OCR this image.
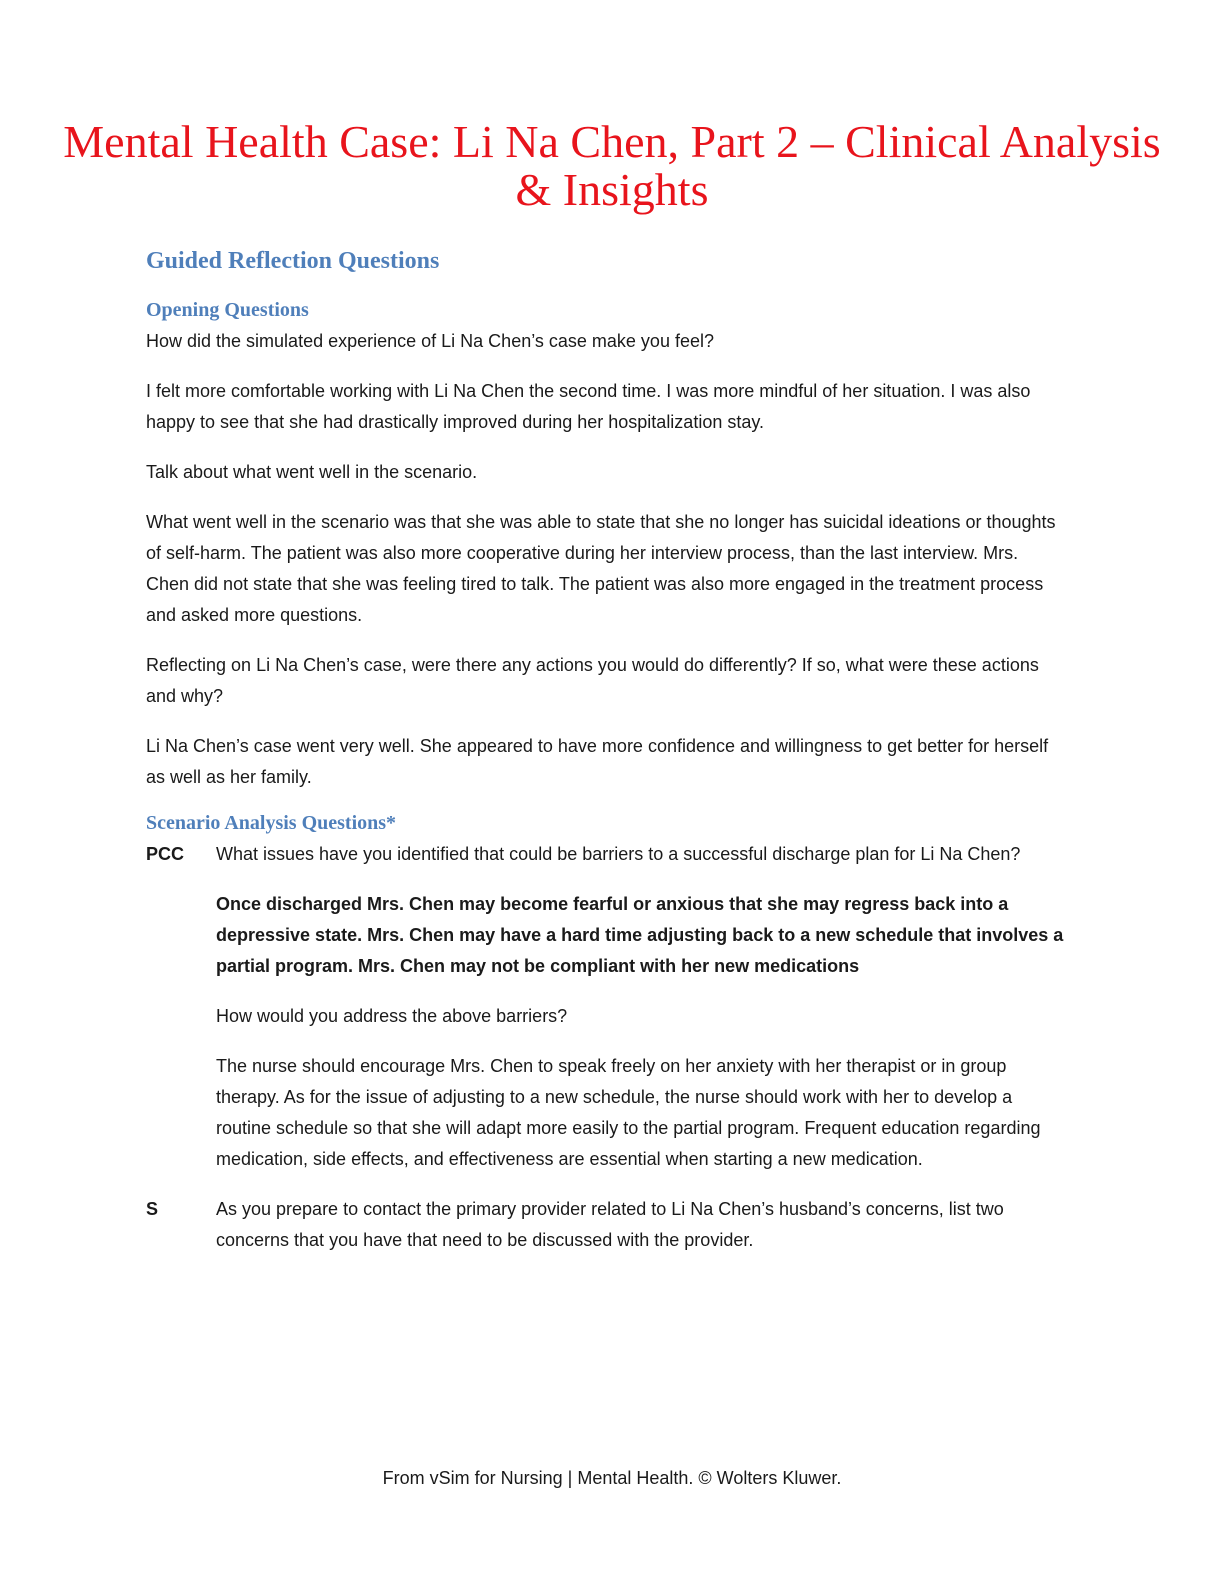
Mental Health Case: Li Na Chen, Part 2 – Clinical Analysis & Insights
Guided Reflection Questions
Opening Questions

How did the simulated experience of Li Na Chen’s case make you feel?

I felt more comfortable working with Li Na Chen the second time. I was more mindful of her situation. I was also happy to see that she had drastically improved during her hospitalization stay.

Talk about what went well in the scenario.

What went well in the scenario was that she was able to state that she no longer has suicidal ideations or thoughts of self-harm. The patient was also more cooperative during her interview process, than the last interview. Mrs. Chen did not state that she was feeling tired to talk. The patient was also more engaged in the treatment process and asked more questions.

Reflecting on Li Na Chen’s case, were there any actions you would do differently? If so, what were these actions and why?

Li Na Chen’s case went very well. She appeared to have more confidence and willingness to get better for herself as well as her family.

Scenario Analysis Questions*
PCC	What issues have you identified that could be barriers to a successful discharge plan for Li Na Chen?

Once discharged Mrs. Chen may become fearful or anxious that she may regress back into a depressive state. Mrs. Chen may have a hard time adjusting back to a new schedule that involves a partial program. Mrs. Chen may not be compliant with her new medications

How would you address the above barriers?

The nurse should encourage Mrs. Chen to speak freely on her anxiety with her therapist or in group therapy. As for the issue of adjusting to a new schedule, the nurse should work with her to develop a routine schedule so that she will adapt more easily to the partial program. Frequent education regarding medication, side effects, and effectiveness are essential when starting a new medication.

S	As you prepare to contact the primary provider related to Li Na Chen’s husband’s concerns, list two concerns that you have that need to be discussed with the provider.

From vSim for Nursing | Mental Health. © Wolters Kluwer.
